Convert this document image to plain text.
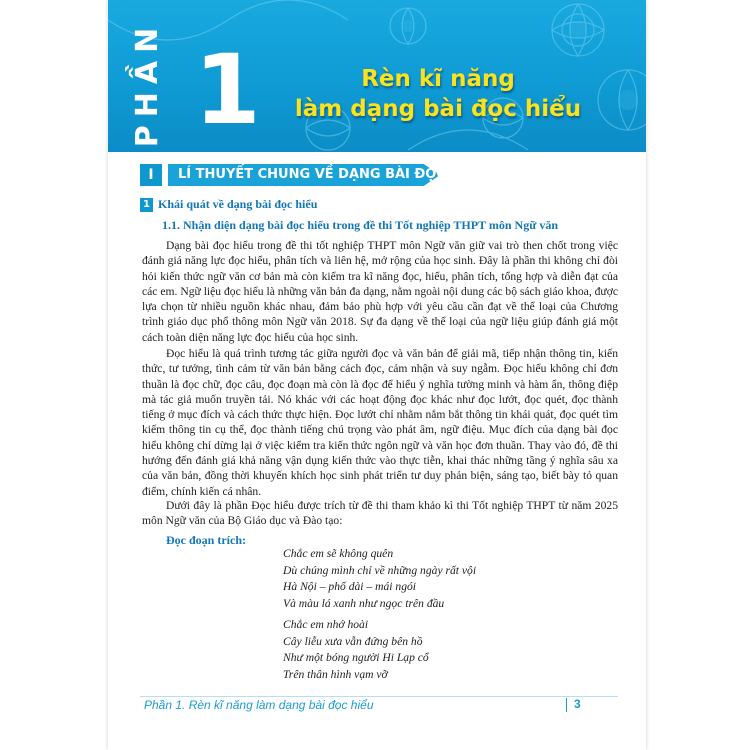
PHẦN 1	Rèn kĩ năng
làm dạng bài đọc hiểu
I	LÍ THUYẾT CHUNG VỀ DẠNG BÀI ĐỌC HIỂU
1 Khái quát về dạng bài đọc hiểu
1.1. Nhận diện dạng bài đọc hiểu trong đề thi Tốt nghiệp THPT môn Ngữ văn

Dạng bài đọc hiểu trong đề thi tốt nghiệp THPT môn Ngữ văn giữ vai trò then chốt trong việc đánh giá năng lực đọc hiểu, phân tích và liên hệ, mở rộng của học sinh. Đây là phần thi không chỉ đòi hỏi kiến thức ngữ văn cơ bản mà còn kiểm tra kĩ năng đọc, hiểu, phân tích, tổng hợp và diễn đạt của các em. Ngữ liệu đọc hiểu là những văn bản đa dạng, nằm ngoài nội dung các bộ sách giáo khoa, được lựa chọn từ nhiều nguồn khác nhau, đảm bảo phù hợp với yêu cầu cần đạt về thể loại của Chương trình giáo dục phổ thông môn Ngữ văn 2018. Sự đa dạng về thể loại của ngữ liệu giúp đánh giá một cách toàn diện năng lực đọc hiểu của học sinh.

Đọc hiểu là quá trình tương tác giữa người đọc và văn bản để giải mã, tiếp nhận thông tin, kiến thức, tư tưởng, tình cảm từ văn bản bằng cách đọc, cảm nhận và suy ngẫm. Đọc hiểu không chỉ đơn thuần là đọc chữ, đọc câu, đọc đoạn mà còn là đọc để hiểu ý nghĩa tường minh và hàm ẩn, thông điệp mà tác giả muốn truyền tải. Nó khác với các hoạt động đọc khác như đọc lướt, đọc quét, đọc thành tiếng ở mục đích và cách thức thực hiện. Đọc lướt chỉ nhằm nắm bắt thông tin khái quát, đọc quét tìm kiếm thông tin cụ thể, đọc thành tiếng chú trọng vào phát âm, ngữ điệu. Mục đích của dạng bài đọc hiểu không chỉ dừng lại ở việc kiểm tra kiến thức ngôn ngữ và văn học đơn thuần. Thay vào đó, đề thi hướng đến đánh giá khả năng vận dụng kiến thức vào thực tiễn, khai thác những tầng ý nghĩa sâu xa của văn bản, đồng thời khuyến khích học sinh phát triển tư duy phản biện, sáng tạo, biết bày tỏ quan điểm, chính kiến cá nhân.

Dưới đây là phần Đọc hiểu được trích từ đề thi tham khảo kì thi Tốt nghiệp THPT từ năm 2025 môn Ngữ văn của Bộ Giáo dục và Đào tạo:

Đọc đoạn trích:
Chắc em sẽ không quên
Dù chúng mình chỉ về những ngày rất vội
Hà Nội – phố dài – mái ngói
Và màu lá xanh như ngọc trên đầu
Chắc em nhớ hoài
Cây liễu xưa vẫn đứng bên hồ
Như một bóng người Hi Lạp cổ
Trên thân hình vạm vỡ
Phần 1. Rèn kĩ năng làm dạng bài đọc hiểu	3
